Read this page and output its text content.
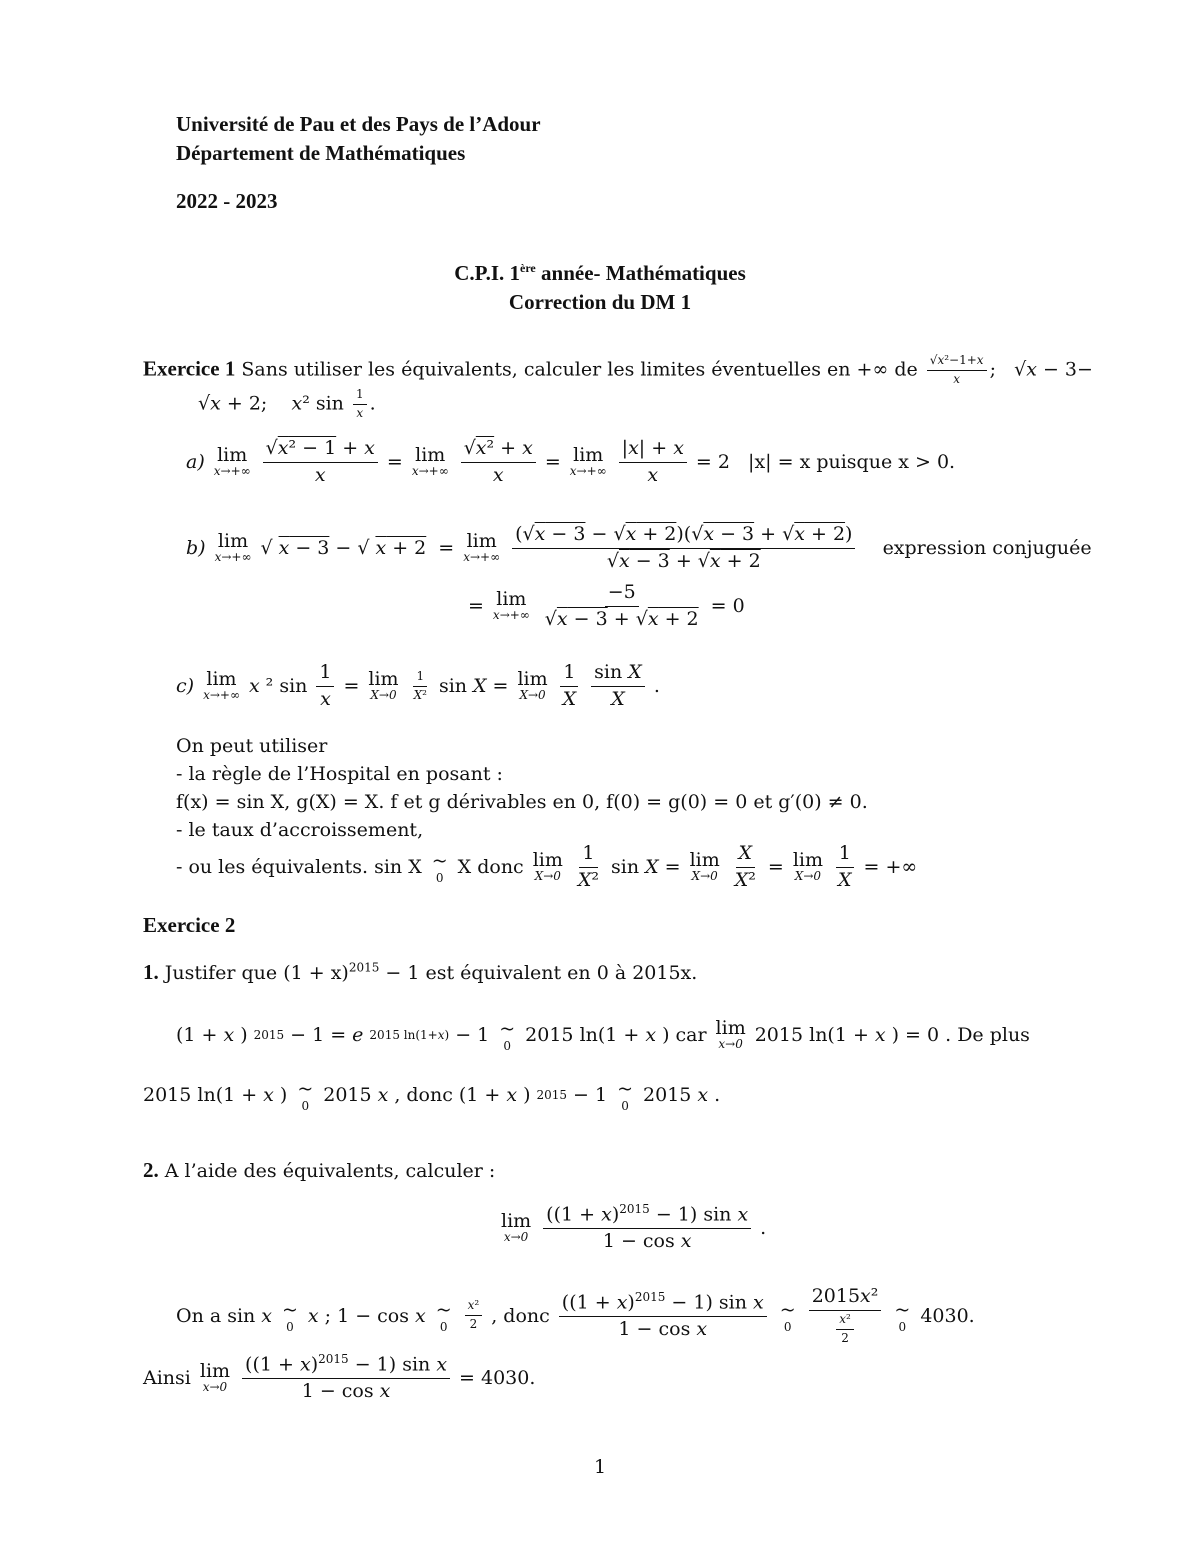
Université de Pau et des Pays de l’Adour
Département de Mathématiques
2022 - 2023
C.P.I. 1ère année- Mathématiques
Correction du DM 1
Exercice 1 Sans utiliser les équivalents, calculer les limites éventuelles en +∞ de $\frac{\text{√x²−1+x}}{x}$ ;   √x − 3−
√x + 2;    x² $\sin \frac{1}{x}$ .
a) lim
$x\to+\infty \frac{\text{√x² − 1 + x}}{x} = \lim$
$x\to+\infty \frac{\text{√x² + x}}{x} = \lim$
$x\to+\infty \frac{|x| + x}{x} = 2$ |x| = x puisque x > 0.
b) lim
x→+∞ √ x − 3 − √ x + 2 = lim
$x\to+\infty \frac{(√x - 3 - √x + 2)(√x - 3 + √x + 2)}{√x - 3 + √x + 2}$
expression conjuguée
= lim
$x\to+\infty \frac{-5}{√x - 3 + √x + 2} = 0$
c) lim
x→+∞ x ² $\sin \frac{1}{x} = \lim$
$X\to 0 \frac{1}{\text{X²}}$ sin X = lim
$X\to 0 \frac{1}{X} \frac{\text{sin X}}{X}$ .
On peut utiliser
- la règle de l’Hospital en posant :
f(x) = sin X, g(X) = X. f et g dérivables en 0, f(0) = g(0) = 0 et g′(0) ≠ 0.
- le taux d’accroissement,
- ou les équivalents. sin X ~
0 X donc lim
$X\to 0 \frac{1}{\text{X²}}$ sin X = lim
$X\to 0 \frac{X}{\text{X²}} = \lim$
$X\to 0 \frac{1}{X}$ = +∞
Exercice 2
1. Justifer que $(1 + x)^{2015} - 1$ est équivalent en 0 à 2015x.
(1 + x ) 2015 − 1 = e 2015 ln(1+x) − 1 ~
0 2015 ln(1 + x ) car lim
x→0 2015 ln(1 + x ) = 0 . De plus
2015 ln(1 + x ) ~
0 2015 x , donc (1 + x ) 2015 − 1 ~
0 2015 x .
2. A l’aide des équivalents, calculer :
lim
$x\to 0 \frac{((1 + x)^{2015} - 1) \sin x}{\text{1 − cos x}}$ .
On a sin x ~
0 x ; 1 − cos x ~
$0 \frac{\text{x²}}{2}$ , donc $\frac{((1 + x)^{2015} - 1) \sin x}{\text{1 − cos x}}$ ~
$0 \frac{\text{2015x²}}{\frac{\text{x²}}{2}}$ ~
0 4030.
Ainsi lim
$x\to 0 \frac{((1 + x)^{2015} - 1) \sin x}{\text{1 − cos x}} = 4030$.
1
